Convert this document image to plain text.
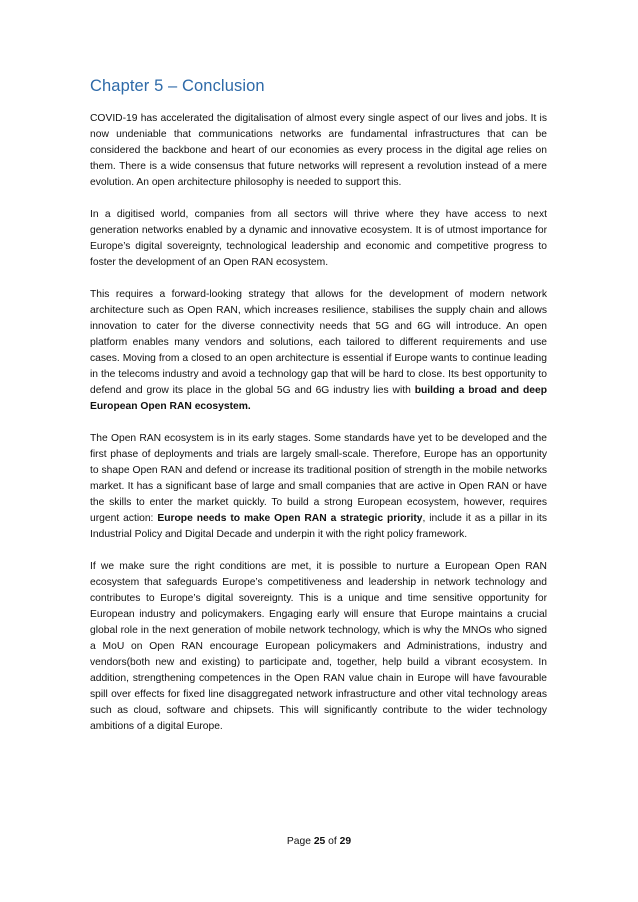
Chapter 5 – Conclusion

COVID-19 has accelerated the digitalisation of almost every single aspect of our lives and jobs. It is now undeniable that communications networks are fundamental infrastructures that can be considered the backbone and heart of our economies as every process in the digital age relies on them. There is a wide consensus that future networks will represent a revolution instead of a mere evolution. An open architecture philosophy is needed to support this.

In a digitised world, companies from all sectors will thrive where they have access to next generation networks enabled by a dynamic and innovative ecosystem. It is of utmost importance for Europe’s digital sovereignty, technological leadership and economic and competitive progress to foster the development of an Open RAN ecosystem.

This requires a forward-looking strategy that allows for the development of modern network architecture such as Open RAN, which increases resilience, stabilises the supply chain and allows innovation to cater for the diverse connectivity needs that 5G and 6G will introduce. An open platform enables many vendors and solutions, each tailored to different requirements and use cases. Moving from a closed to an open architecture is essential if Europe wants to continue leading in the telecoms industry and avoid a technology gap that will be hard to close. Its best opportunity to defend and grow its place in the global 5G and 6G industry lies with building a broad and deep European Open RAN ecosystem.

The Open RAN ecosystem is in its early stages. Some standards have yet to be developed and the first phase of deployments and trials are largely small-scale. Therefore, Europe has an opportunity to shape Open RAN and defend or increase its traditional position of strength in the mobile networks market. It has a significant base of large and small companies that are active in Open RAN or have the skills to enter the market quickly. To build a strong European ecosystem, however, requires urgent action: Europe needs to make Open RAN a strategic priority, include it as a pillar in its Industrial Policy and Digital Decade and underpin it with the right policy framework.

If we make sure the right conditions are met, it is possible to nurture a European Open RAN ecosystem that safeguards Europe’s competitiveness and leadership in network technology and contributes to Europe’s digital sovereignty. This is a unique and time sensitive opportunity for European industry and policymakers. Engaging early will ensure that Europe maintains a crucial global role in the next generation of mobile network technology, which is why the MNOs who signed a MoU on Open RAN encourage European policymakers and Administrations, industry and vendors(both new and existing) to participate and, together, help build a vibrant ecosystem. In addition, strengthening competences in the Open RAN value chain in Europe will have favourable spill over effects for fixed line disaggregated network infrastructure and other vital technology areas such as cloud, software and chipsets. This will significantly contribute to the wider technology ambitions of a digital Europe.

Page 25 of 29
